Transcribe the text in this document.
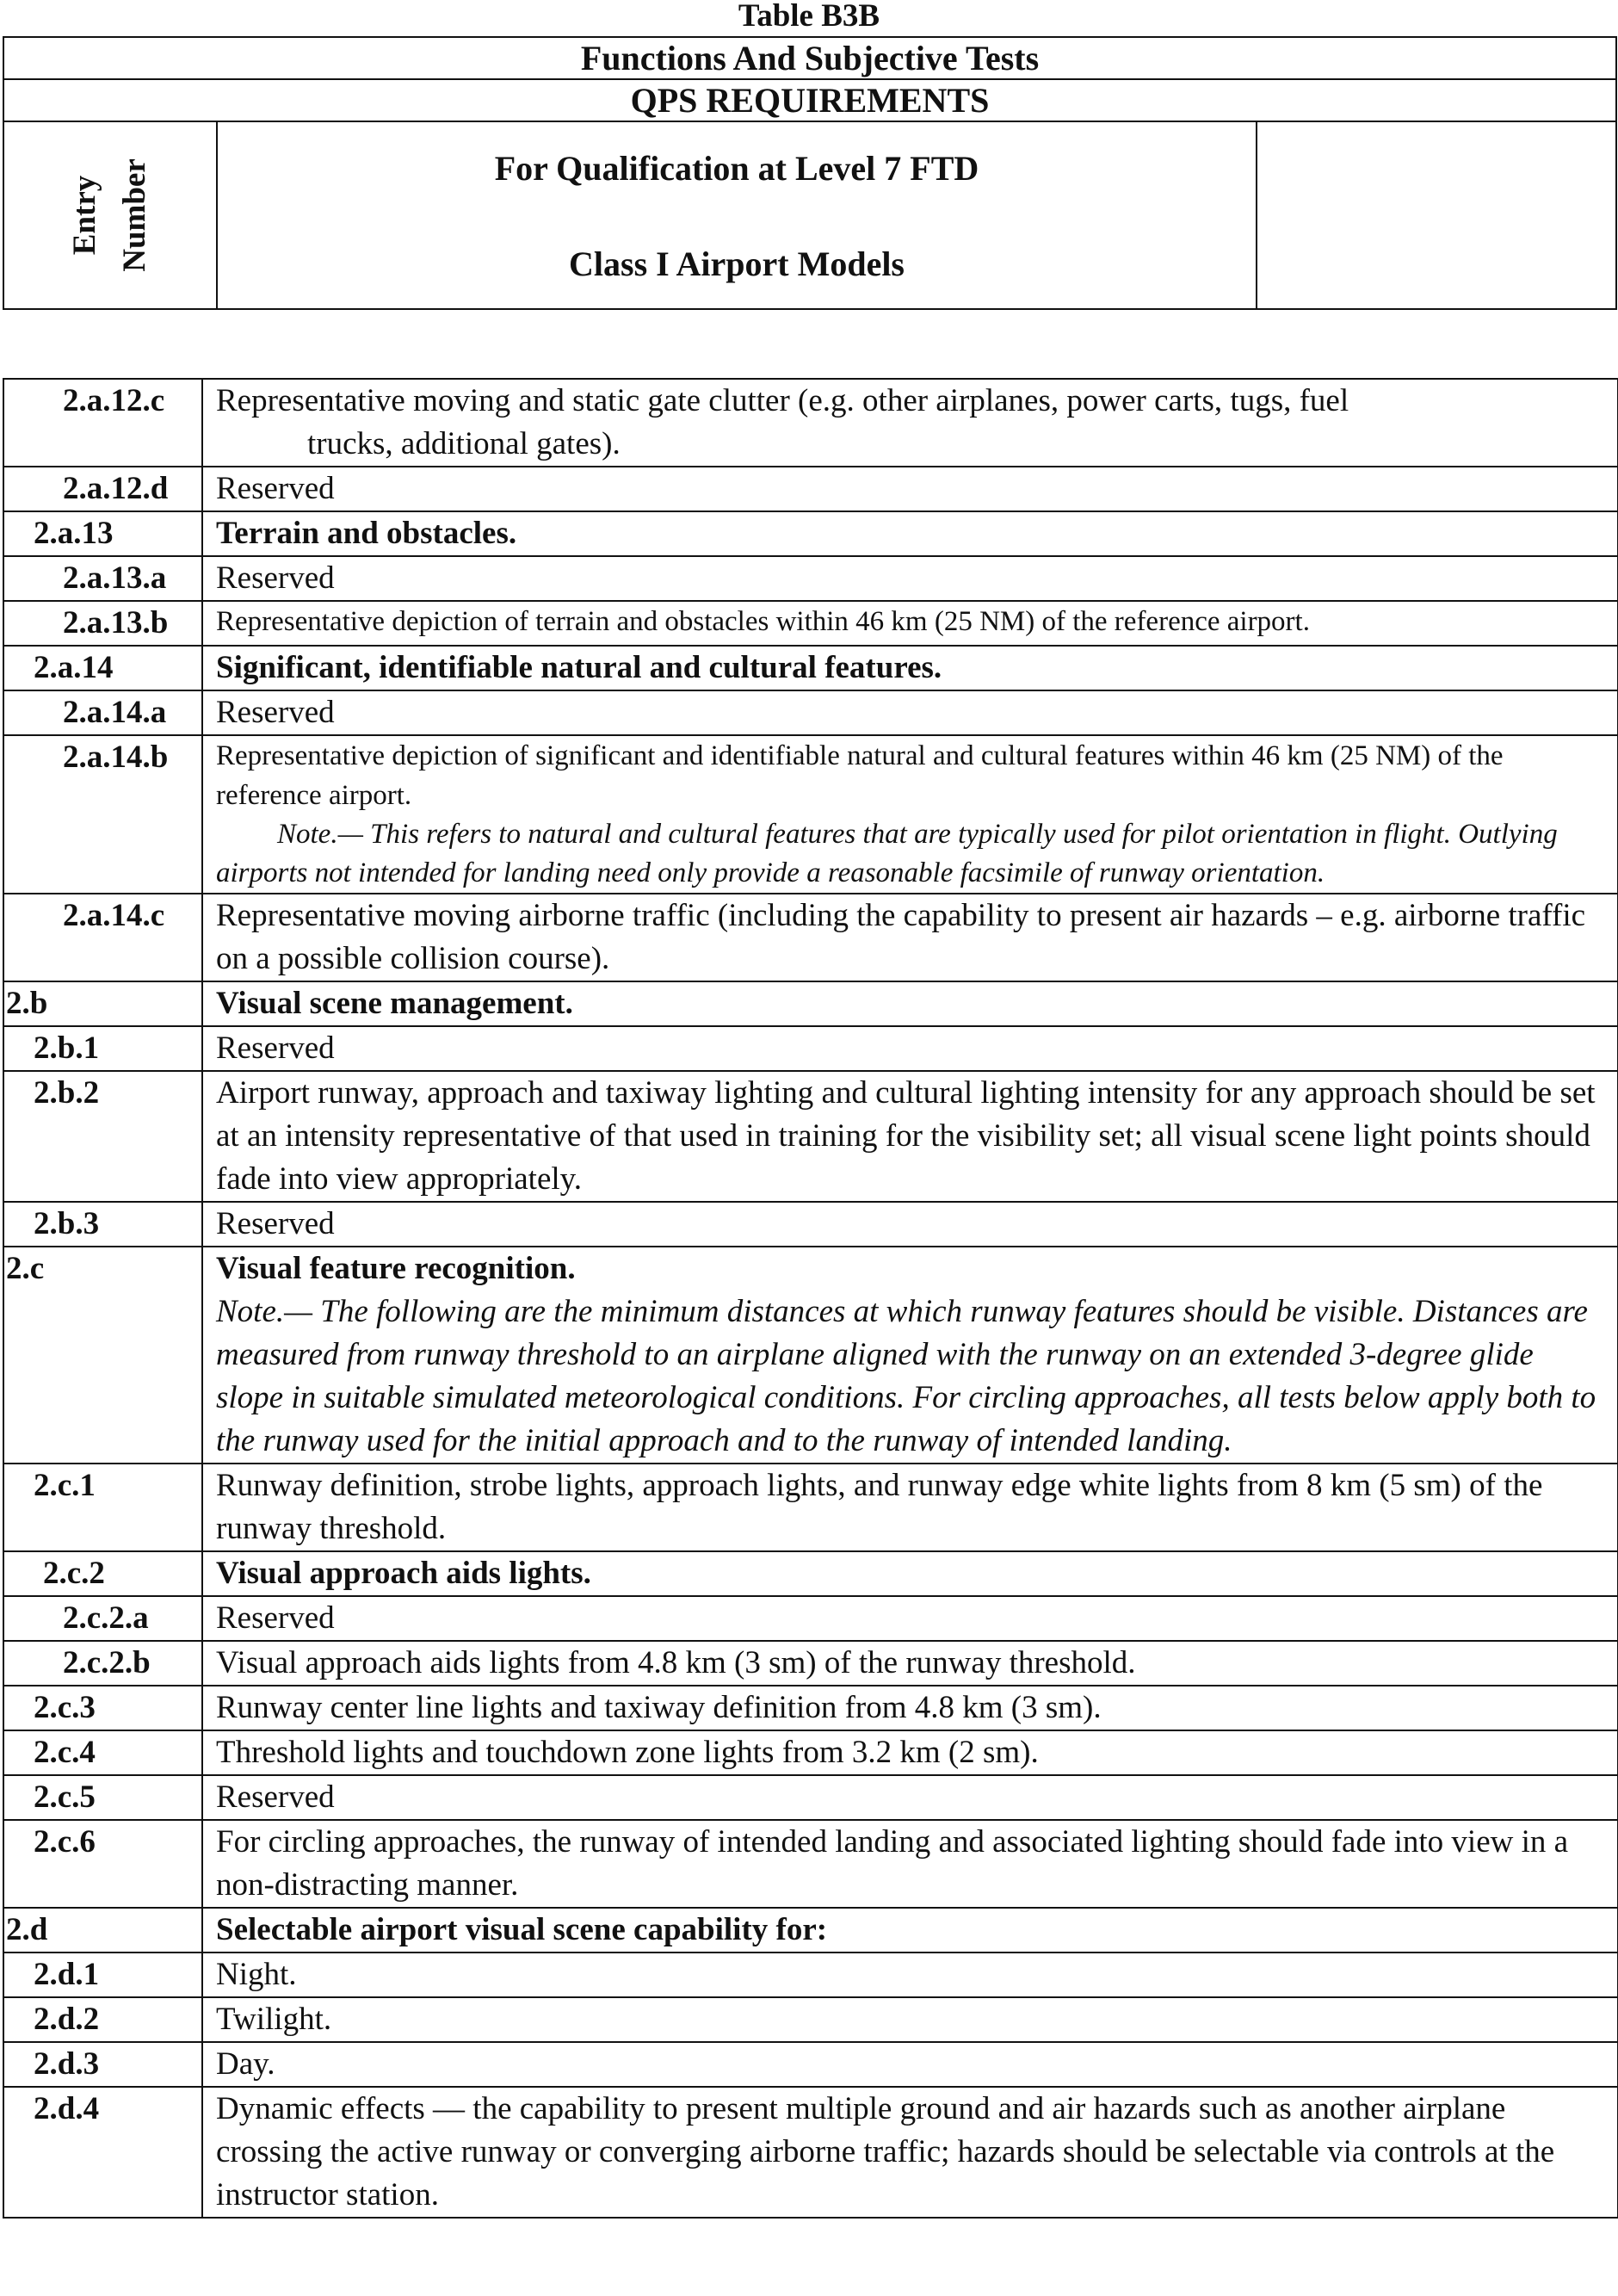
Table B3B
Functions And Subjective Tests
QPS REQUIREMENTS

Entry Number	For Qualification at Level 7 FTD
Class I Airport Models

2.a.12.c	Representative moving and static gate clutter (e.g. other airplanes, power carts, tugs, fuel
trucks, additional gates).

2.a.12.d	Reserved
2.a.13	Terrain and obstacles.
2.a.13.a	Reserved
2.a.13.b	Representative depiction of terrain and obstacles within 46 km (25 NM) of the reference airport.
2.a.14	Significant, identifiable natural and cultural features.
2.a.14.a	Reserved
2.a.14.b	Representative depiction of significant and identifiable natural and cultural features within 46 km (25 NM) of the reference airport.
Note.— This refers to natural and cultural features that are typically used for pilot orientation in flight. Outlying airports not intended for landing need only provide a reasonable facsimile of runway orientation.

2.a.14.c	Representative moving airborne traffic (including the capability to present air hazards – e.g. airborne traffic on a possible collision course).
2.b	Visual scene management.
2.b.1	Reserved
2.b.2	Airport runway, approach and taxiway lighting and cultural lighting intensity for any approach should be set at an intensity representative of that used in training for the visibility set; all visual scene light points should fade into view appropriately.
2.b.3	Reserved
2.c	Visual feature recognition.
Note.— The following are the minimum distances at which runway features should be visible. Distances are measured from runway threshold to an airplane aligned with the runway on an extended 3-degree glide slope in suitable simulated meteorological conditions. For circling approaches, all tests below apply both to the runway used for the initial approach and to the runway of intended landing.

2.c.1	Runway definition, strobe lights, approach lights, and runway edge white lights from 8 km (5 sm) of the runway threshold.
2.c.2	Visual approach aids lights.
2.c.2.a	Reserved
2.c.2.b	Visual approach aids lights from 4.8 km (3 sm) of the runway threshold.
2.c.3	Runway center line lights and taxiway definition from 4.8 km (3 sm).
2.c.4	Threshold lights and touchdown zone lights from 3.2 km (2 sm).
2.c.5	Reserved
2.c.6	For circling approaches, the runway of intended landing and associated lighting should fade into view in a non-distracting manner.
2.d	Selectable airport visual scene capability for:
2.d.1	Night.
2.d.2	Twilight.
2.d.3	Day.
2.d.4	Dynamic effects — the capability to present multiple ground and air hazards such as another airplane crossing the active runway or converging airborne traffic; hazards should be selectable via controls at the instructor station.
